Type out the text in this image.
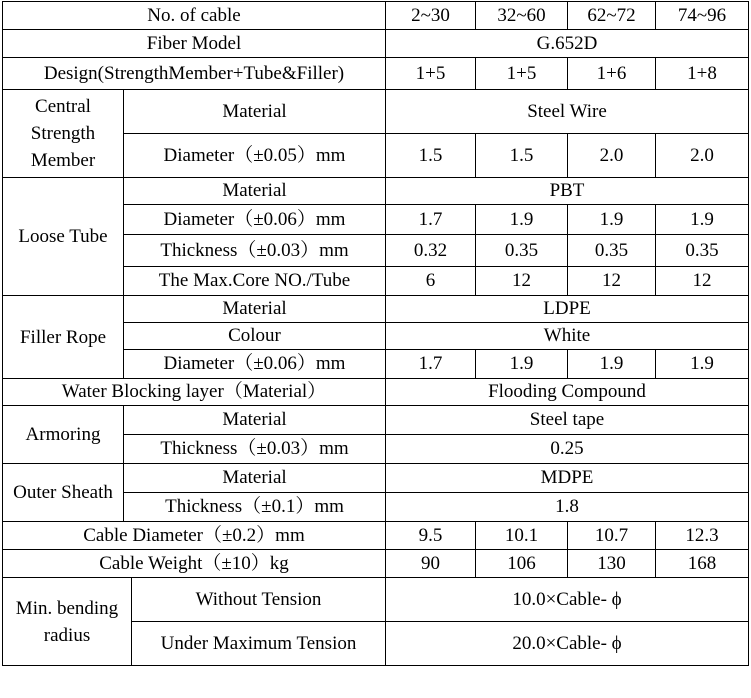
No. of cable			2~30	32~60	62~72	74~96
Fiber Model			G.652D			
Design(StrengthMember+Tube&Filler)			1+5	1+5	1+6	1+8
Central Strength Member	Material		Steel Wire			
	Diameter（±0.05）mm		1.5	1.5	2.0	2.0
Loose Tube	Material		PBT			
	Diameter（±0.06）mm		1.7	1.9	1.9	1.9
	Thickness（±0.03）mm		0.32	0.35	0.35	0.35
	The Max.Core NO./Tube		6	12	12	12
Filler Rope	Material		LDPE			
	Colour		White			
	Diameter（±0.06）mm		1.7	1.9	1.9	1.9
Water Blocking layer（Material）			Flooding Compound			
Armoring	Material		Steel tape			
	Thickness（±0.03）mm		0.25			
Outer Sheath	Material		MDPE			
	Thickness（±0.1）mm		1.8			
Cable Diameter（±0.2）mm			9.5	10.1	10.7	12.3
Cable Weight（±10）kg			90	106	130	168
Min. bending radius		Without Tension	10.0×Cable- ϕ			
		Under Maximum Tension	20.0×Cable- ϕ			
